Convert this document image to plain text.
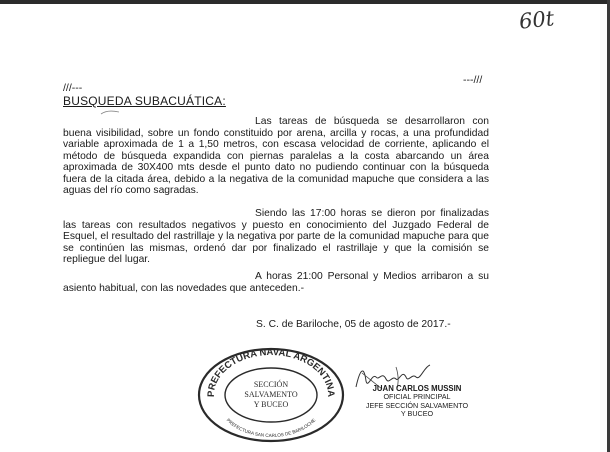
60t
///---
---///
BUSQUEDA SUBACUÁTICA:
Las tareas de búsqueda se desarrollaron con buena visibilidad, sobre un fondo constituido por arena, arcilla y rocas, a una profundidad variable aproximada de 1 a 1,50 metros, con escasa velocidad de corriente, aplicando el método de búsqueda expandida con piernas paralelas a la costa abarcando un área aproximada de 30X400 mts desde el punto dato no pudiendo continuar con la búsqueda fuera de la citada área, debido a la negativa de la comunidad mapuche que considera a las aguas del río como sagradas.
Siendo las 17:00 horas se dieron por finalizadas las tareas con resultados negativos y puesto en conocimiento del Juzgado Federal de Esquel, el resultado del rastrillaje y la negativa por parte de la comunidad mapuche para que se continúen las mismas, ordenó dar por finalizado el rastrillaje y que la comisión se repliegue del lugar.
A horas 21:00 Personal y Medios arribaron a su asiento habitual, con las novedades que anteceden.-
S. C. de Bariloche, 05 de agosto de 2017.-
PREFECTURA NAVAL ARGENTINA
PREFECTURA SAN CARLOS DE BARILOCHE
SECCIÓN
SALVAMENTO
Y BUCEO
JUAN CARLOS MUSSIN
OFICIAL PRINCIPAL
JEFE SECCIÓN SALVAMENTO
Y BUCEO
